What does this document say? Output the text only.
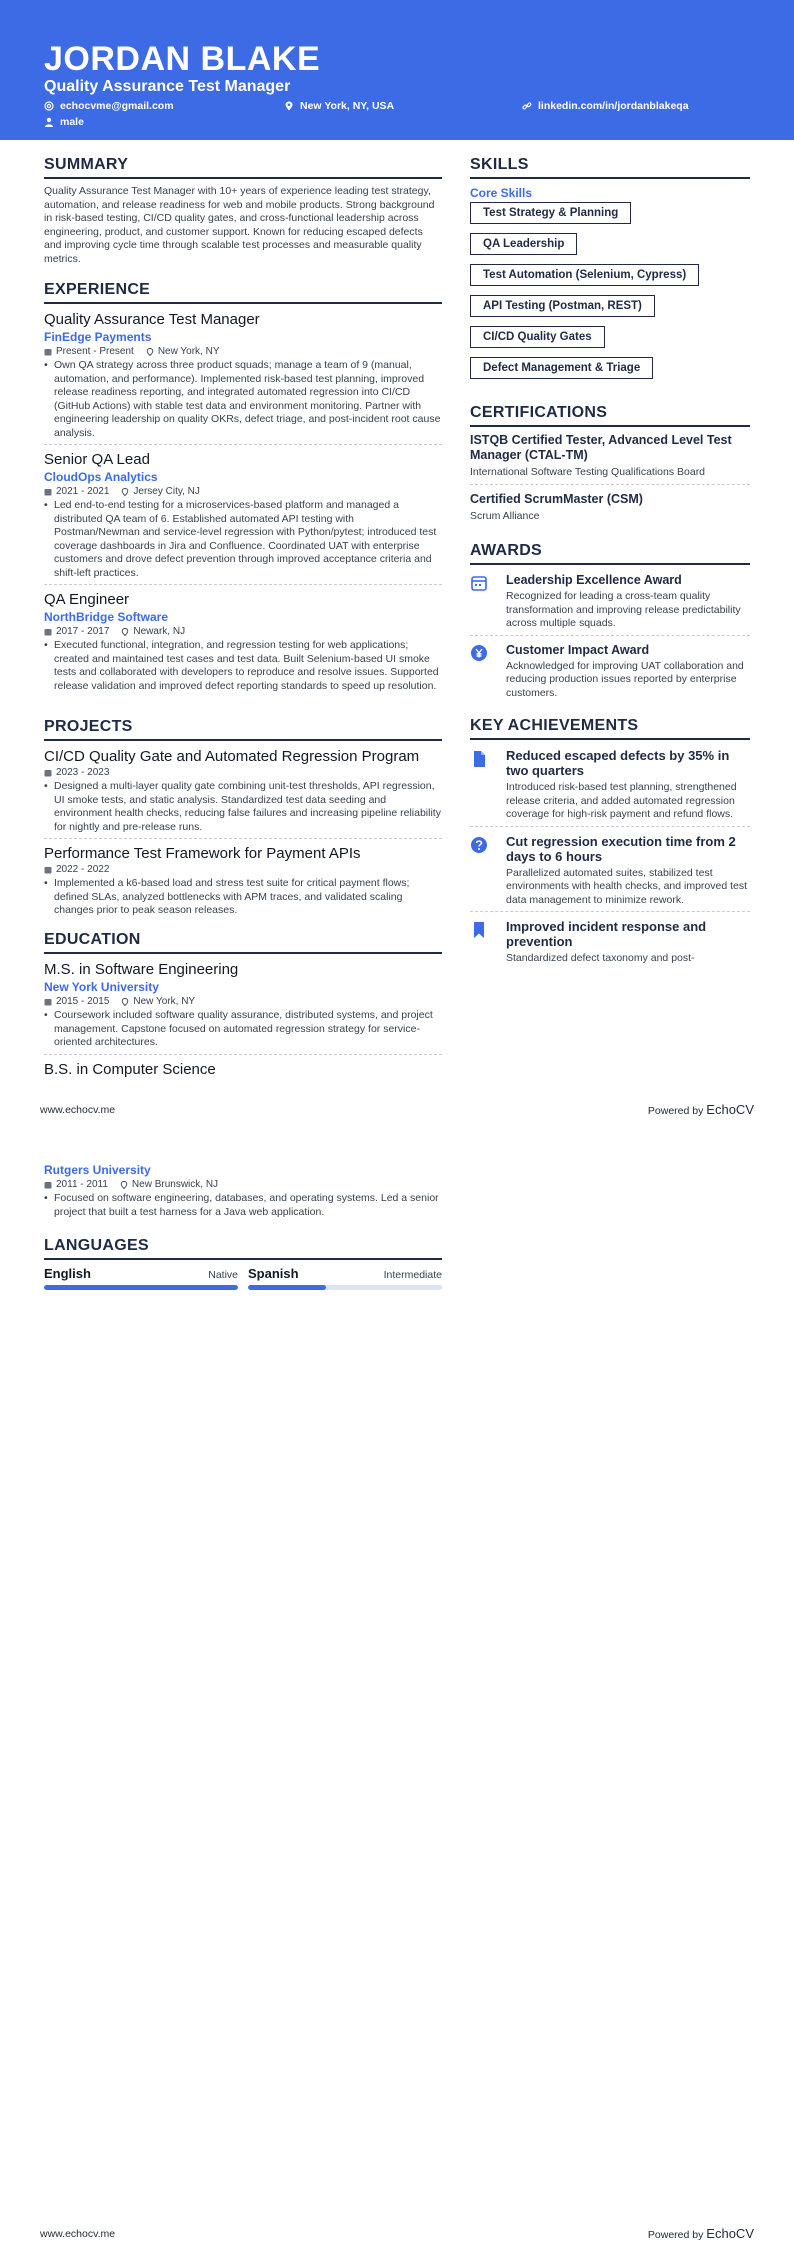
JORDAN BLAKE
Quality Assurance Test Manager
echocvme@gmail.com	New York, NY, USA	linkedin.com/in/jordanblakeqa
male
SUMMARY
Quality Assurance Test Manager with 10+ years of experience leading test strategy, automation, and release readiness for web and mobile products. Strong background in risk-based testing, CI/CD quality gates, and cross-functional leadership across engineering, product, and customer support. Known for reducing escaped defects and improving cycle time through scalable test processes and measurable quality metrics.
EXPERIENCE
Quality Assurance Test Manager
FinEdge Payments
Present - Present New York, NY
• Own QA strategy across three product squads; manage a team of 9 (manual, automation, and performance). Implemented risk-based test planning, improved release readiness reporting, and integrated automated regression into CI/CD (GitHub Actions) with stable test data and environment monitoring. Partner with engineering leadership on quality OKRs, defect triage, and post-incident root cause analysis.
Senior QA Lead
CloudOps Analytics
2021 - 2021 Jersey City, NJ
• Led end-to-end testing for a microservices-based platform and managed a distributed QA team of 6. Established automated API testing with Postman/Newman and service-level regression with Python/pytest; introduced test coverage dashboards in Jira and Confluence. Coordinated UAT with enterprise customers and drove defect prevention through improved acceptance criteria and shift-left practices.
QA Engineer
NorthBridge Software
2017 - 2017 Newark, NJ
• Executed functional, integration, and regression testing for web applications; created and maintained test cases and test data. Built Selenium-based UI smoke tests and collaborated with developers to reproduce and resolve issues. Supported release validation and improved defect reporting standards to speed up resolution.
PROJECTS
CI/CD Quality Gate and Automated Regression Program
2023 - 2023
• Designed a multi-layer quality gate combining unit-test thresholds, API regression, UI smoke tests, and static analysis. Standardized test data seeding and environment health checks, reducing false failures and increasing pipeline reliability for nightly and pre-release runs.
Performance Test Framework for Payment APIs
2022 - 2022
• Implemented a k6-based load and stress test suite for critical payment flows; defined SLAs, analyzed bottlenecks with APM traces, and validated scaling changes prior to peak season releases.
EDUCATION
M.S. in Software Engineering
New York University
2015 - 2015 New York, NY
• Coursework included software quality assurance, distributed systems, and project management. Capstone focused on automated regression strategy for service-oriented architectures.
B.S. in Computer Science
www.echocv.me	Powered by EchoCV
Rutgers University
2011 - 2011 New Brunswick, NJ
• Focused on software engineering, databases, and operating systems. Led a senior project that built a test harness for a Java web application.
LANGUAGES
English	Native Spanish	Intermediate
SKILLS
Core Skills
Test Strategy & Planning
QA Leadership
Test Automation (Selenium, Cypress)
API Testing (Postman, REST)
CI/CD Quality Gates
Defect Management & Triage
CERTIFICATIONS
ISTQB Certified Tester, Advanced Level Test Manager (CTAL-TM)
International Software Testing Qualifications Board
Certified ScrumMaster (CSM)
Scrum Alliance
AWARDS
Leadership Excellence Award
Recognized for leading a cross-team quality transformation and improving release predictability across multiple squads.
Customer Impact Award
Acknowledged for improving UAT collaboration and reducing production issues reported by enterprise customers.
KEY ACHIEVEMENTS
Reduced escaped defects by 35% in two quarters
Introduced risk-based test planning, strengthened release criteria, and added automated regression coverage for high-risk payment and refund flows.
Cut regression execution time from 2 days to 6 hours
Parallelized automated suites, stabilized test environments with health checks, and improved test data management to minimize rework.
Improved incident response and prevention
Standardized defect taxonomy and post-
www.echocv.me	Powered by EchoCV
